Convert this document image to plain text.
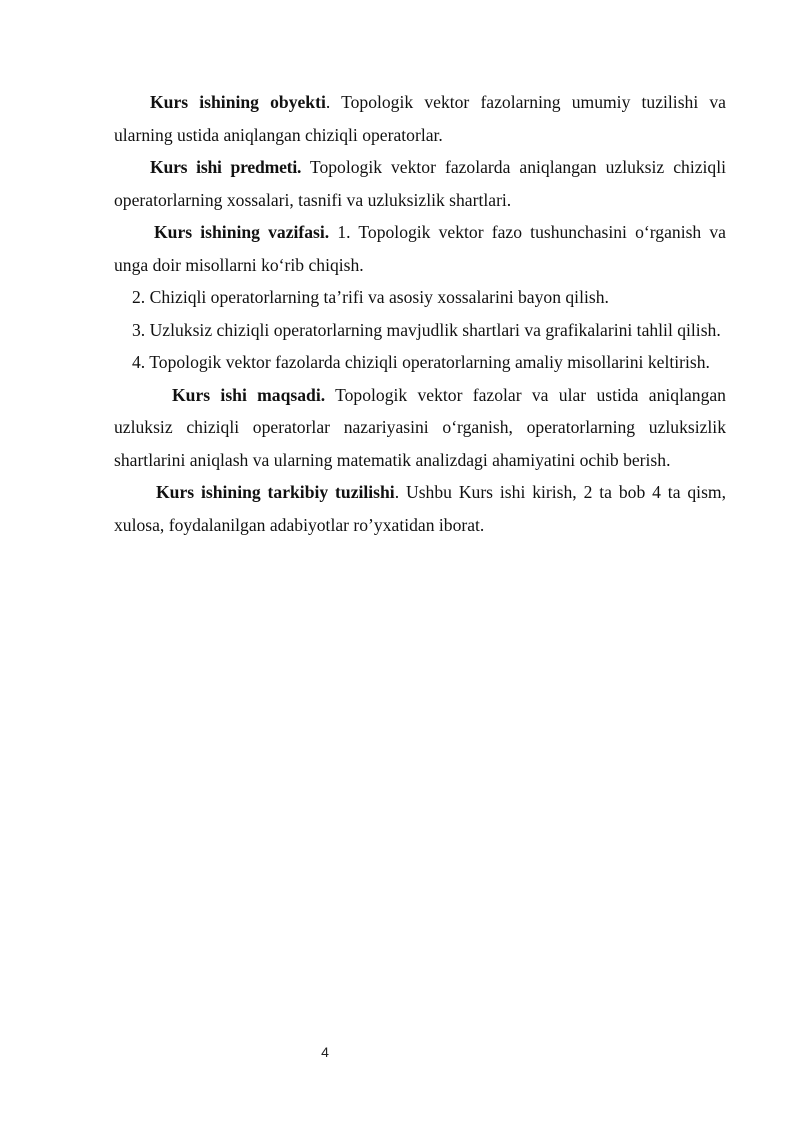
Kurs ishining obyekti. Topologik vektor fazolarning umumiy tuzilishi va ularning ustida aniqlangan chiziqli operatorlar.

Kurs ishi predmeti. Topologik vektor fazolarda aniqlangan uzluksiz chiziqli operatorlarning xossalari, tasnifi va uzluksizlik shartlari.

Kurs ishining vazifasi. 1. Topologik vektor fazo tushunchasini o‘rganish va unga doir misollarni ko‘rib chiqish.

2. Chiziqli operatorlarning ta’rifi va asosiy xossalarini bayon qilish.

3. Uzluksiz chiziqli operatorlarning mavjudlik shartlari va grafikalarini tahlil qilish.

4. Topologik vektor fazolarda chiziqli operatorlarning amaliy misollarini keltirish.

Kurs ishi maqsadi. Topologik vektor fazolar va ular ustida aniqlangan uzluksiz chiziqli operatorlar nazariyasini o‘rganish, operatorlarning uzluksizlik shartlarini aniqlash va ularning matematik analizdagi ahamiyatini ochib berish.

Kurs ishining tarkibiy tuzilishi. Ushbu Kurs ishi kirish, 2 ta bob 4 ta qism, xulosa, foydalanilgan adabiyotlar ro’yxatidan iborat.

4
